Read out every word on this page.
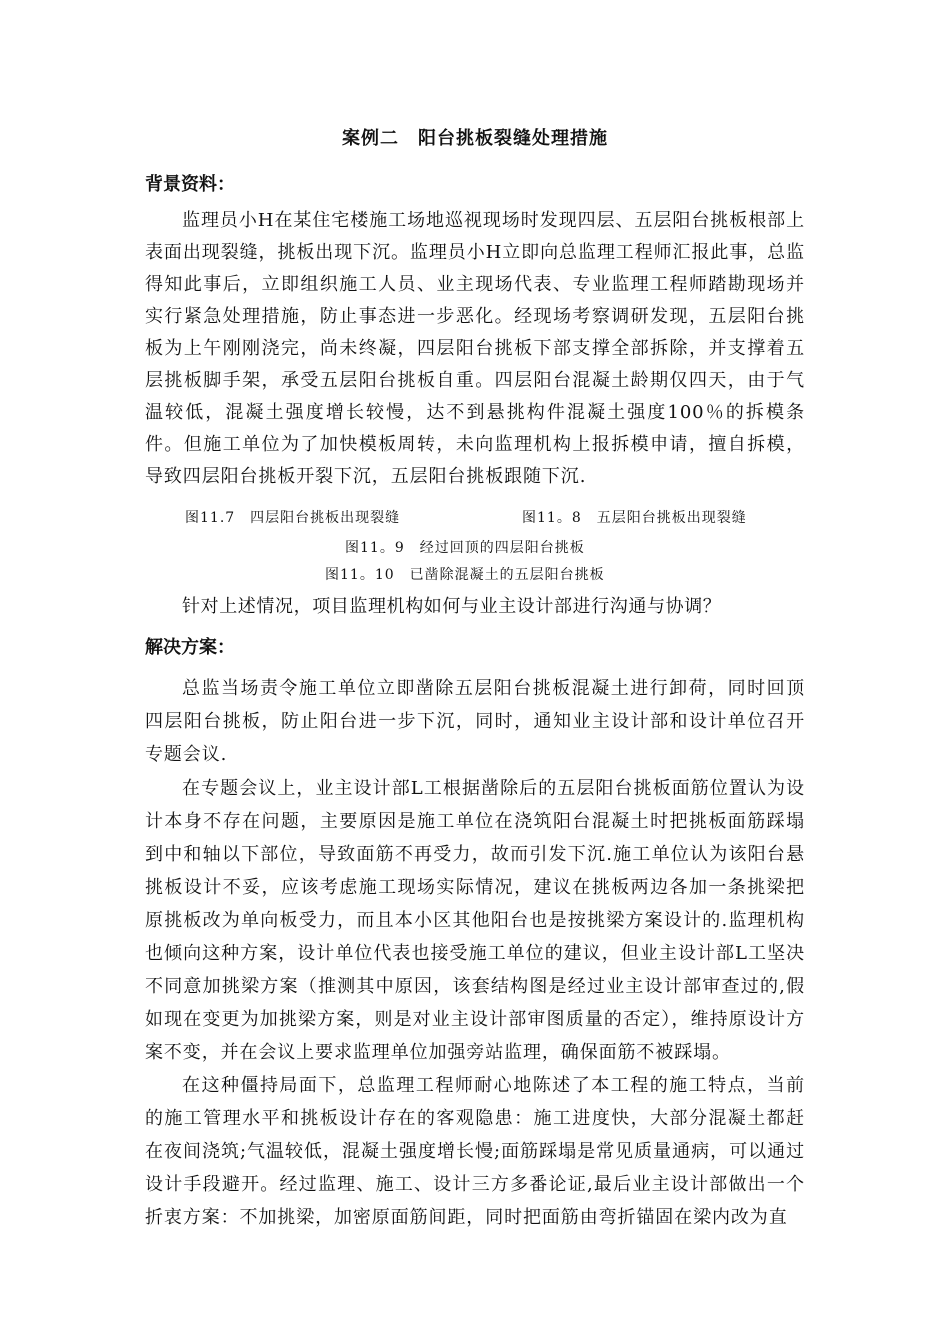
案例二　阳台挑板裂缝处理措施
背景资料：

监理员小H在某住宅楼施工场地巡视现场时发现四层、五层阳台挑板根部上表面出现裂缝，挑板出现下沉。监理员小H立即向总监理工程师汇报此事，总监得知此事后，立即组织施工人员、业主现场代表、专业监理工程师踏勘现场并实行紧急处理措施，防止事态进一步恶化。经现场考察调研发现，五层阳台挑板为上午刚刚浇完，尚未终凝，四层阳台挑板下部支撑全部拆除，并支撑着五层挑板脚手架，承受五层阳台挑板自重。四层阳台混凝土龄期仅四天，由于气温较低，混凝土强度增长较慢，达不到悬挑构件混凝土强度100％的拆模条件。但施工单位为了加快模板周转，未向监理机构上报拆模申请，擅自拆模，导致四层阳台挑板开裂下沉，五层阳台挑板跟随下沉.

图11.7　四层阳台挑板出现裂缝	图11。8　五层阳台挑板出现裂缝
图11。9　经过回顶的四层阳台挑板
图11。10　已凿除混凝土的五层阳台挑板
针对上述情况，项目监理机构如何与业主设计部进行沟通与协调？
解决方案：

总监当场责令施工单位立即凿除五层阳台挑板混凝土进行卸荷，同时回顶四层阳台挑板，防止阳台进一步下沉，同时，通知业主设计部和设计单位召开专题会议.

在专题会议上，业主设计部L工根据凿除后的五层阳台挑板面筋位置认为设计本身不存在问题，主要原因是施工单位在浇筑阳台混凝土时把挑板面筋踩塌到中和轴以下部位，导致面筋不再受力，故而引发下沉.施工单位认为该阳台悬挑板设计不妥，应该考虑施工现场实际情况，建议在挑板两边各加一条挑梁把原挑板改为单向板受力，而且本小区其他阳台也是按挑梁方案设计的.监理机构也倾向这种方案，设计单位代表也接受施工单位的建议，但业主设计部L工坚决不同意加挑梁方案（推测其中原因，该套结构图是经过业主设计部审查过的,假如现在变更为加挑梁方案，则是对业主设计部审图质量的否定），维持原设计方案不变，并在会议上要求监理单位加强旁站监理，确保面筋不被踩塌。

在这种僵持局面下，总监理工程师耐心地陈述了本工程的施工特点，当前的施工管理水平和挑板设计存在的客观隐患：施工进度快，大部分混凝土都赶在夜间浇筑;气温较低，混凝土强度增长慢;面筋踩塌是常见质量通病，可以通过设计手段避开。经过监理、施工、设计三方多番论证,最后业主设计部做出一个折衷方案：不加挑梁，加密原面筋间距，同时把面筋由弯折锚固在梁内改为直
